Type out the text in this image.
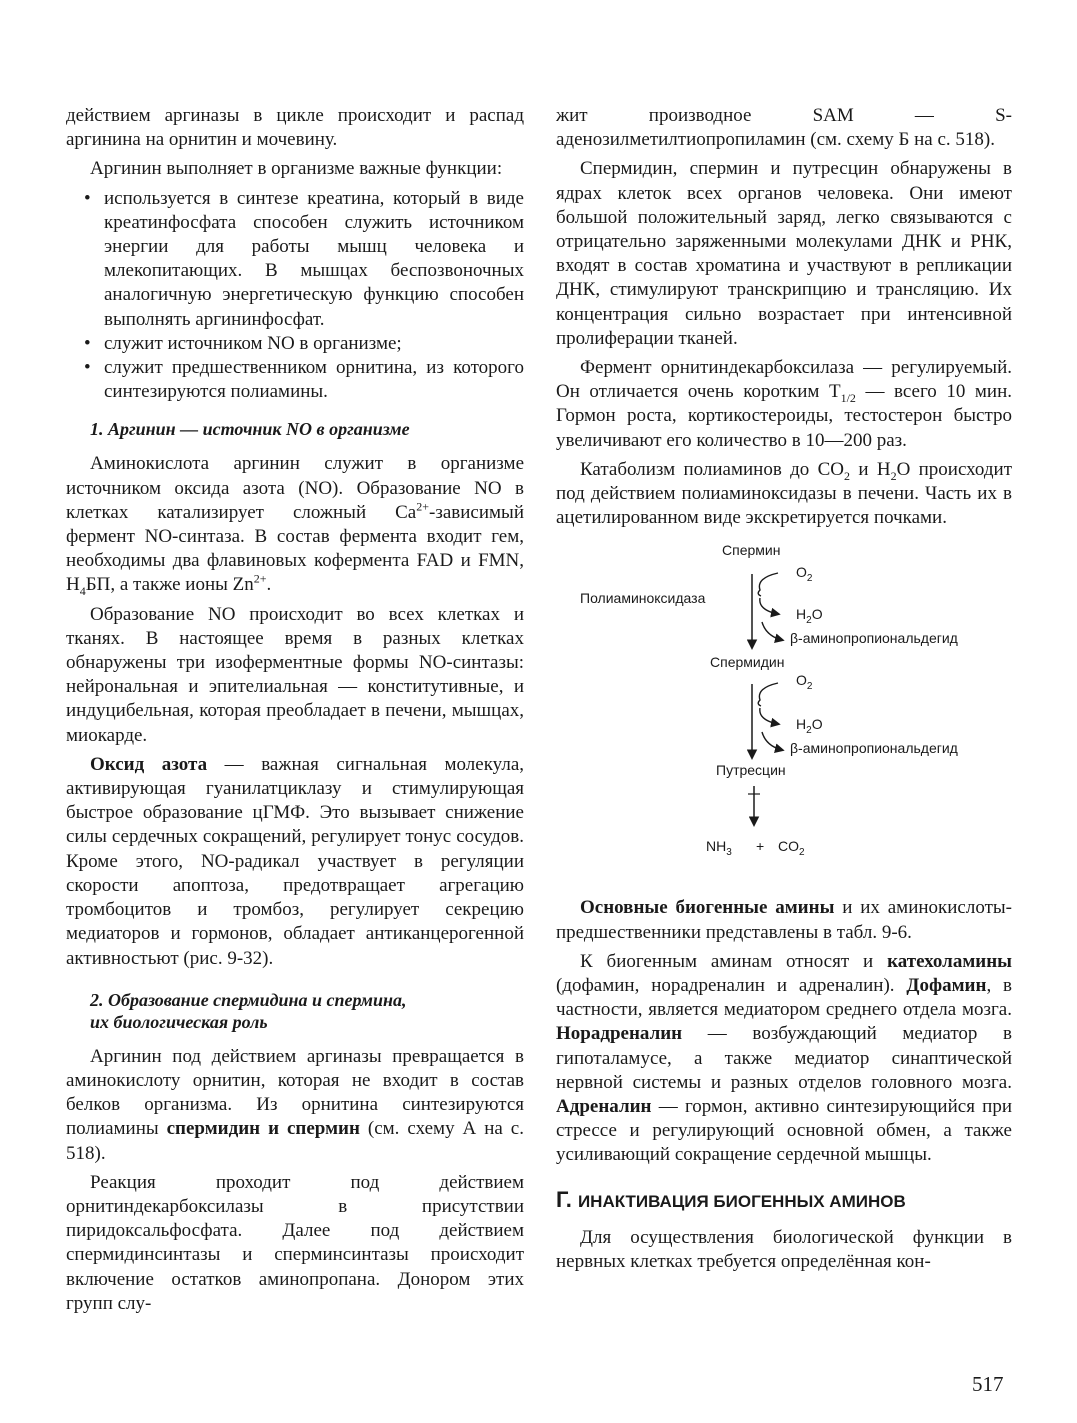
действием аргиназы в цикле происходит и распад аргинина на орнитин и мочевину.

Аргинин выполняет в организме важные функции:

• используется в синтезе креатина, который в виде креатинфосфата способен служить источником энергии для работы мышц человека и млекопитающих. В мышцах беспозвоночных аналогичную энергетическую функцию способен выполнять аргининфосфат.
• служит источником NO в организме;
• служит предшественником орнитина, из которого синтезируются полиамины.
1. Аргинин — источник NO в организме

Аминокислота аргинин служит в организме источником оксида азота (NO). Образование NO в клетках катализирует сложный $Ca^{2+}$-зависимый фермент NO-синтаза. В состав фермента входит гем, необходимы два флавиновых кофермента FAD и FMN, $H_4БП$, а также ионы $Zn^{2+}$.

Образование NO происходит во всех клетках и тканях. В настоящее время в разных клетках обнаружены три изоферментные формы NO-синтазы: нейрональная и эпителиальная — конститутивные, и индуцибельная, которая преобладает в печени, мышцах, миокарде.

Оксид азота — важная сигнальная молекула, активирующая гуанилатциклазу и стимулирующая быстрое образование цГМФ. Это вызывает снижение силы сердечных сокращений, регулирует тонус сосудов. Кроме этого, NO-радикал участвует в регуляции скорости апоптоза, предотвращает агрегацию тромбоцитов и тромбоз, регулирует секрецию медиаторов и гормонов, обладает антиканцерогенной активностьют (рис. 9-32).

2. Образование спермидина и спермина,
их биологическая роль

Аргинин под действием аргиназы превращается в аминокислоту орнитин, которая не входит в состав белков организма. Из орнитина синтезируются полиамины спермидин и спермин (см. схему А на с. 518).

Реакция проходит под действием орнитиндекарбоксилазы в присутствии пиридоксальфосфата. Далее под действием спермидинсинтазы и сперминсинтазы происходит включение остатков аминопропана. Донором этих групп слу-

жит производное SAM — S-аденозилметилтиопропиламин (см. схему Б на с. 518).

Спермидин, спермин и путресцин обнаружены в ядрах клеток всех органов человека. Они имеют большой положительный заряд, легко связываются с отрицательно заряженными молекулами ДНК и РНК, входят в состав хроматина и участвуют в репликации ДНК, стимулируют транскрипцию и трансляцию. Их концентрация сильно возрастает при интенсивной пролиферации тканей.

Фермент орнитиндекарбоксилаза — регулируемый. Он отличается очень коротким $T_{1/2}$ — всего 10 мин. Гормон роста, кортикостероиды, тестостерон быстро увеличивают его количество в 10—200 раз.

Катаболизм полиаминов до $CO_2$ и $H_2O$ происходит под действием полиаминоксидазы в печени. Часть их в ацетилированном виде экскретируется почками.

Спермин
Полиаминоксидаза
$O_2$
$H_2O$
β-аминопропиональдегид
Спермидин
$O_2$
$H_2O$
β-аминопропиональдегид
Путресцин
$NH_3 + CO_2$

Основные биогенные амины и их аминокислоты-предшественники представлены в табл. 9-6.

К биогенным аминам относят и катехоламины (дофамин, норадреналин и адреналин). Дофамин, в частности, является медиатором среднего отдела мозга. Норадреналин — возбуждающий медиатор в гипоталамусе, а также медиатор синаптической нервной системы и разных отделов головного мозга. Адреналин — гормон, активно синтезирующийся при стрессе и регулирующий основной обмен, а также усиливающий сокращение сердечной мышцы.

Г. ИНАКТИВАЦИЯ БИОГЕННЫХ АМИНОВ

Для осуществления биологической функции в нервных клетках требуется определённая кон-

517
